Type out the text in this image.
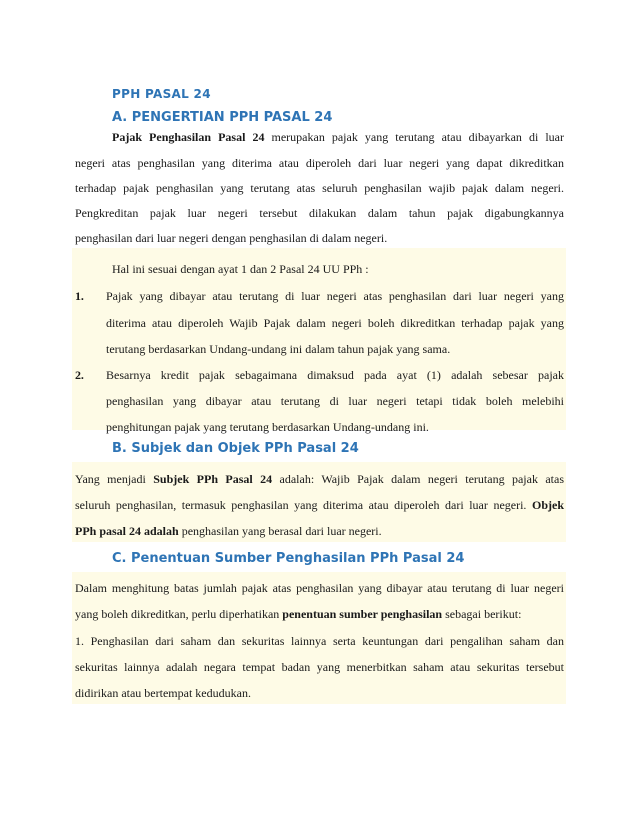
PPH PASAL 24
A. PENGERTIAN PPH PASAL 24
Pajak Penghasilan Pasal 24 merupakan pajak yang terutang atau dibayarkan di luar
negeri atas penghasilan yang diterima atau diperoleh dari luar negeri yang dapat dikreditkan
terhadap pajak penghasilan yang terutang atas seluruh penghasilan wajib pajak dalam negeri.
Pengkreditan pajak luar negeri tersebut dilakukan dalam tahun pajak digabungkannya
penghasilan dari luar negeri dengan penghasilan di dalam negeri.
Hal ini sesuai dengan ayat 1 dan 2 Pasal 24 UU PPh :
1. Pajak yang dibayar atau terutang di luar negeri atas penghasilan dari luar negeri yang
diterima atau diperoleh Wajib Pajak dalam negeri boleh dikreditkan terhadap pajak yang
terutang berdasarkan Undang-undang ini dalam tahun pajak yang sama.
2. Besarnya kredit pajak sebagaimana dimaksud pada ayat (1) adalah sebesar pajak
penghasilan yang dibayar atau terutang di luar negeri tetapi tidak boleh melebihi
penghitungan pajak yang terutang berdasarkan Undang-undang ini.
B. Subjek dan Objek PPh Pasal 24
Yang menjadi Subjek PPh Pasal 24 adalah: Wajib Pajak dalam negeri terutang pajak atas
seluruh penghasilan, termasuk penghasilan yang diterima atau diperoleh dari luar negeri. Objek
PPh pasal 24 adalah penghasilan yang berasal dari luar negeri.
C. Penentuan Sumber Penghasilan PPh Pasal 24
Dalam menghitung batas jumlah pajak atas penghasilan yang dibayar atau terutang di luar negeri
yang boleh dikreditkan, perlu diperhatikan penentuan sumber penghasilan sebagai berikut:
1. Penghasilan dari saham dan sekuritas lainnya serta keuntungan dari pengalihan saham dan
sekuritas lainnya adalah negara tempat badan yang menerbitkan saham atau sekuritas tersebut
didirikan atau bertempat kedudukan.
